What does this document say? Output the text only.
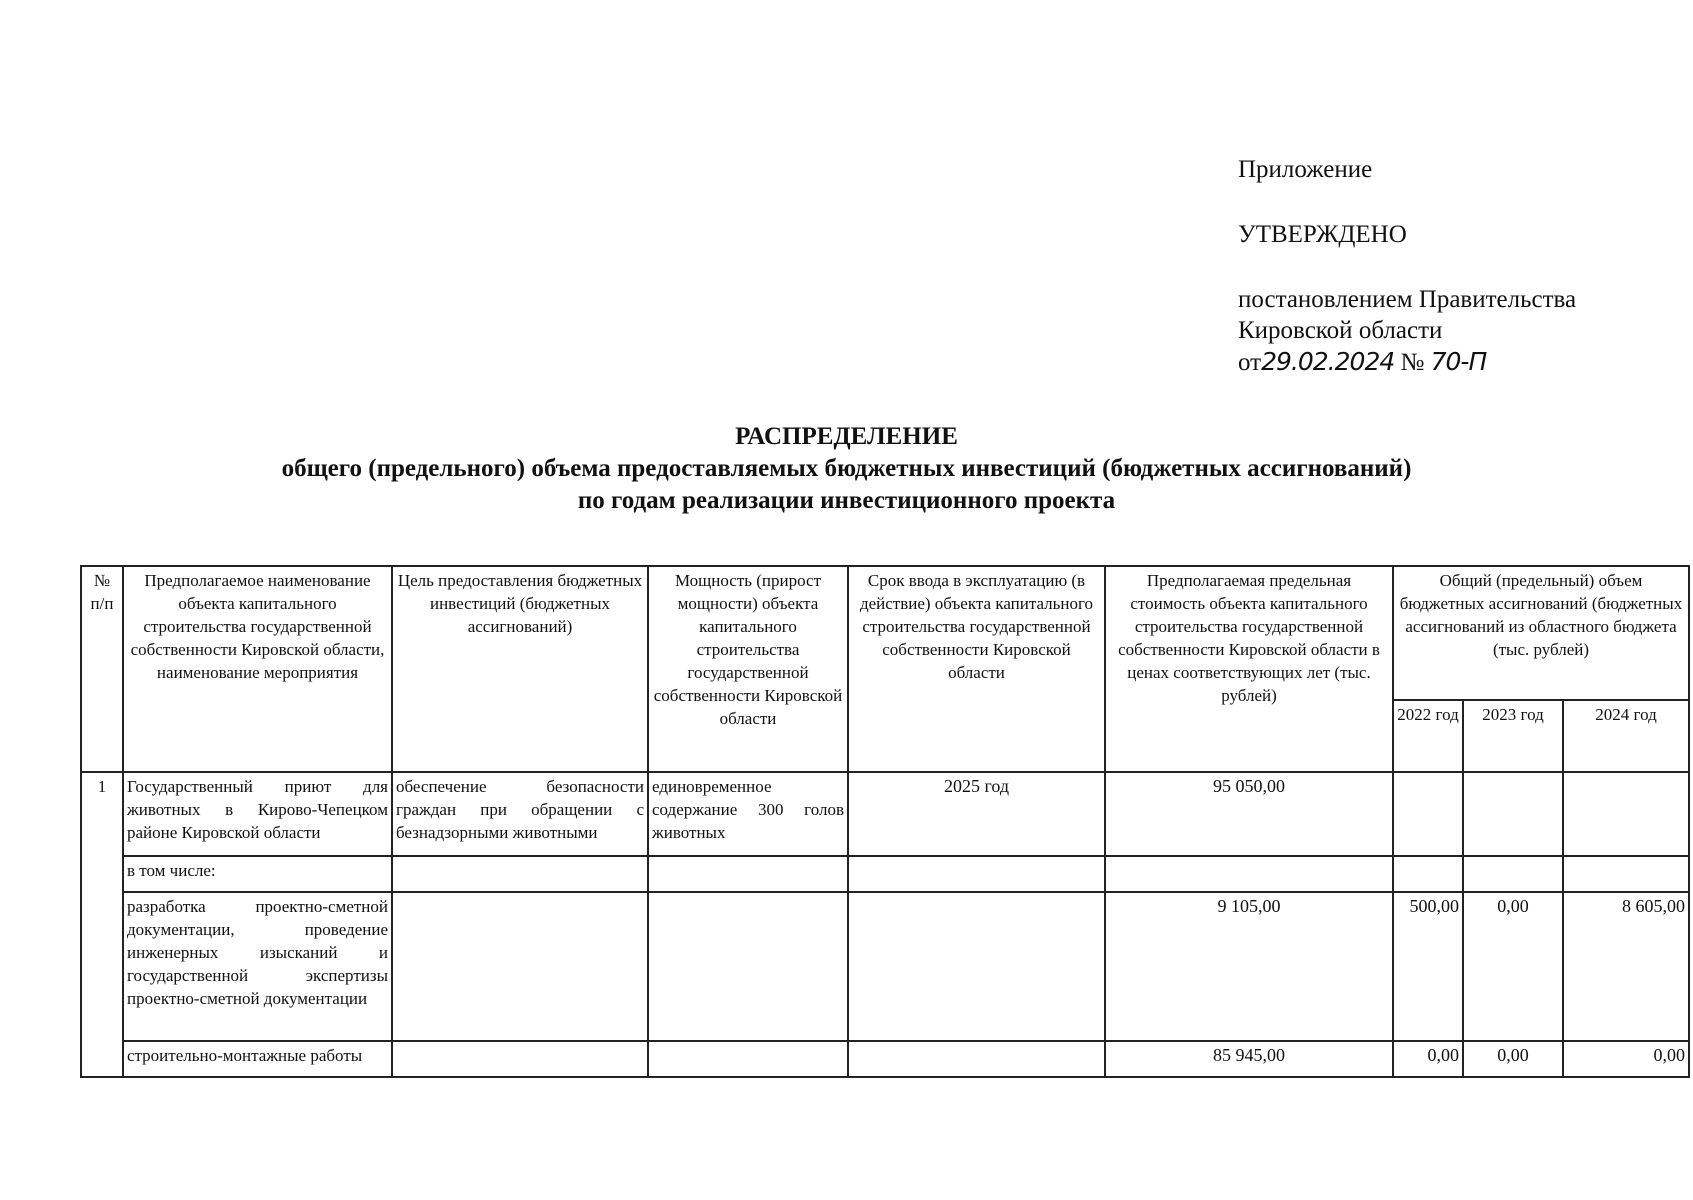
Приложение
УТВЕРЖДЕНО
постановлением Правительства
Кировской области
от29.02.2024 № 70-П
РАСПРЕДЕЛЕНИЕ
общего (предельного) объема предоставляемых бюджетных инвестиций (бюджетных ассигнований)
по годам реализации инвестиционного проекта
№ п/п	Предполагаемое наименование объекта капитального строительства государственной собственности Кировской области, наименование мероприятия	Цель предоставления бюджетных инвестиций (бюджетных ассигнований)	Мощность (прирост мощности) объекта капитального строительства государственной собственности Кировской области	Срок ввода в эксплуатацию (в действие) объекта капитального строительства государственной собственности Кировской области	Предполагаемая предельная стоимость объекта капитального строительства государственной собственности Кировской области в ценах соответствующих лет (тыс. рублей)	Общий (предельный) объем бюджетных ассигнований (бюджетных ассигнований из областного бюджета (тыс. рублей)		
						2022 год	2023 год	2024 год
1	Государственный приют для животных в Кирово-Чепецком районе Кировской области	обеспечение безопасности граждан при обращении с безнадзорными животными	единовременное содержание 300 голов животных	2025 год	95 050,00			
	в том числе:							
	разработка проектно-сметной документации, проведение инженерных изысканий и государственной экспертизы проектно-сметной документации				9 105,00	500,00	0,00	8 605,00
	строительно-монтажные работы				85 945,00	0,00	0,00	0,00
